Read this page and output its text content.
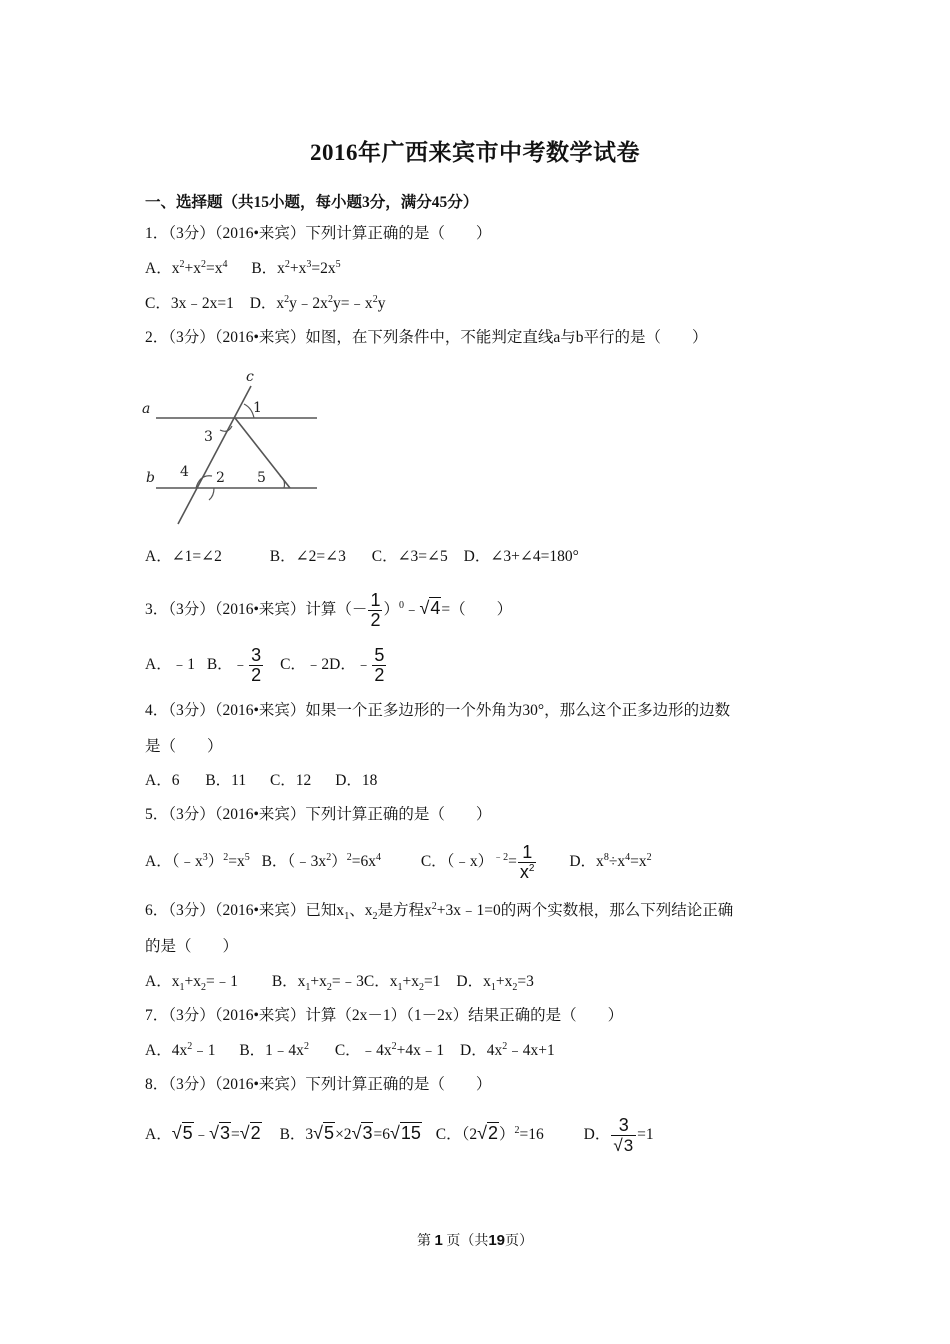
2016年广西来宾市中考数学试卷
一、选择题（共15小题，每小题3分，满分45分）
1．（3分）（2016•来宾）下列计算正确的是（　　）
A．$x^2+x^2=x^4$ B．$x^2+x^3=2x^5$
C．3x﹣2x=1 D．$x^2y﹣2x^2y=﹣x^2y$
2．（3分）（2016•来宾）如图，在下列条件中，不能判定直线a与b平行的是（　　）
a
b
c
1
2
3
4	5
A．∠1=∠2	B．∠2=∠3 C．∠3=∠5 D．∠3+∠4=180°
3．（3分）（2016•来宾）计算（－ $\frac{1}{2}$ ）$^0$﹣√4=（　　）
A．﹣1 B．﹣ $\frac{3}{2}$ C．﹣2D．﹣ $\frac{5}{2}$
4．（3分）（2016•来宾）如果一个正多边形的一个外角为30°，那么这个正多边形的边数
是（　　）
A．6 B．11 C．12 D．18
5．（3分）（2016•来宾）下列计算正确的是（　　）
A．$(﹣x^3)^2=x^5$ B．$(﹣3x^2)^2=6x^4$	C．（﹣x）$^{﹣2}$= $\frac{1}{x^2}$ D．$x^8\div x^4=x^2$
6．（3分）（2016•来宾）已知$x_1$、$x_2$是方程$x^2+3x﹣1=0$的两个实数根，那么下列结论正确
的是（　　）
A．$x_1+x_2=﹣1$ B．$x_1+x_2=﹣3C$．$x_1+x_2=1$ D．$x_1+x_2=3$
7．（3分）（2016•来宾）计算（2x－1）（1－2x）结果正确的是（　　）
A．$4x^2﹣1$ B．$1﹣4x^2$ C．$﹣4x^2+4x﹣1$ D．$4x^2﹣4x+1$
8．（3分）（2016•来宾）下列计算正确的是（　　）
A．√5﹣√3=√2 B．3√5×2√3=6√15 C．$(2√2)^2=16$	D． $\frac{3}{√3} =1$
第 1 页（共19页）
